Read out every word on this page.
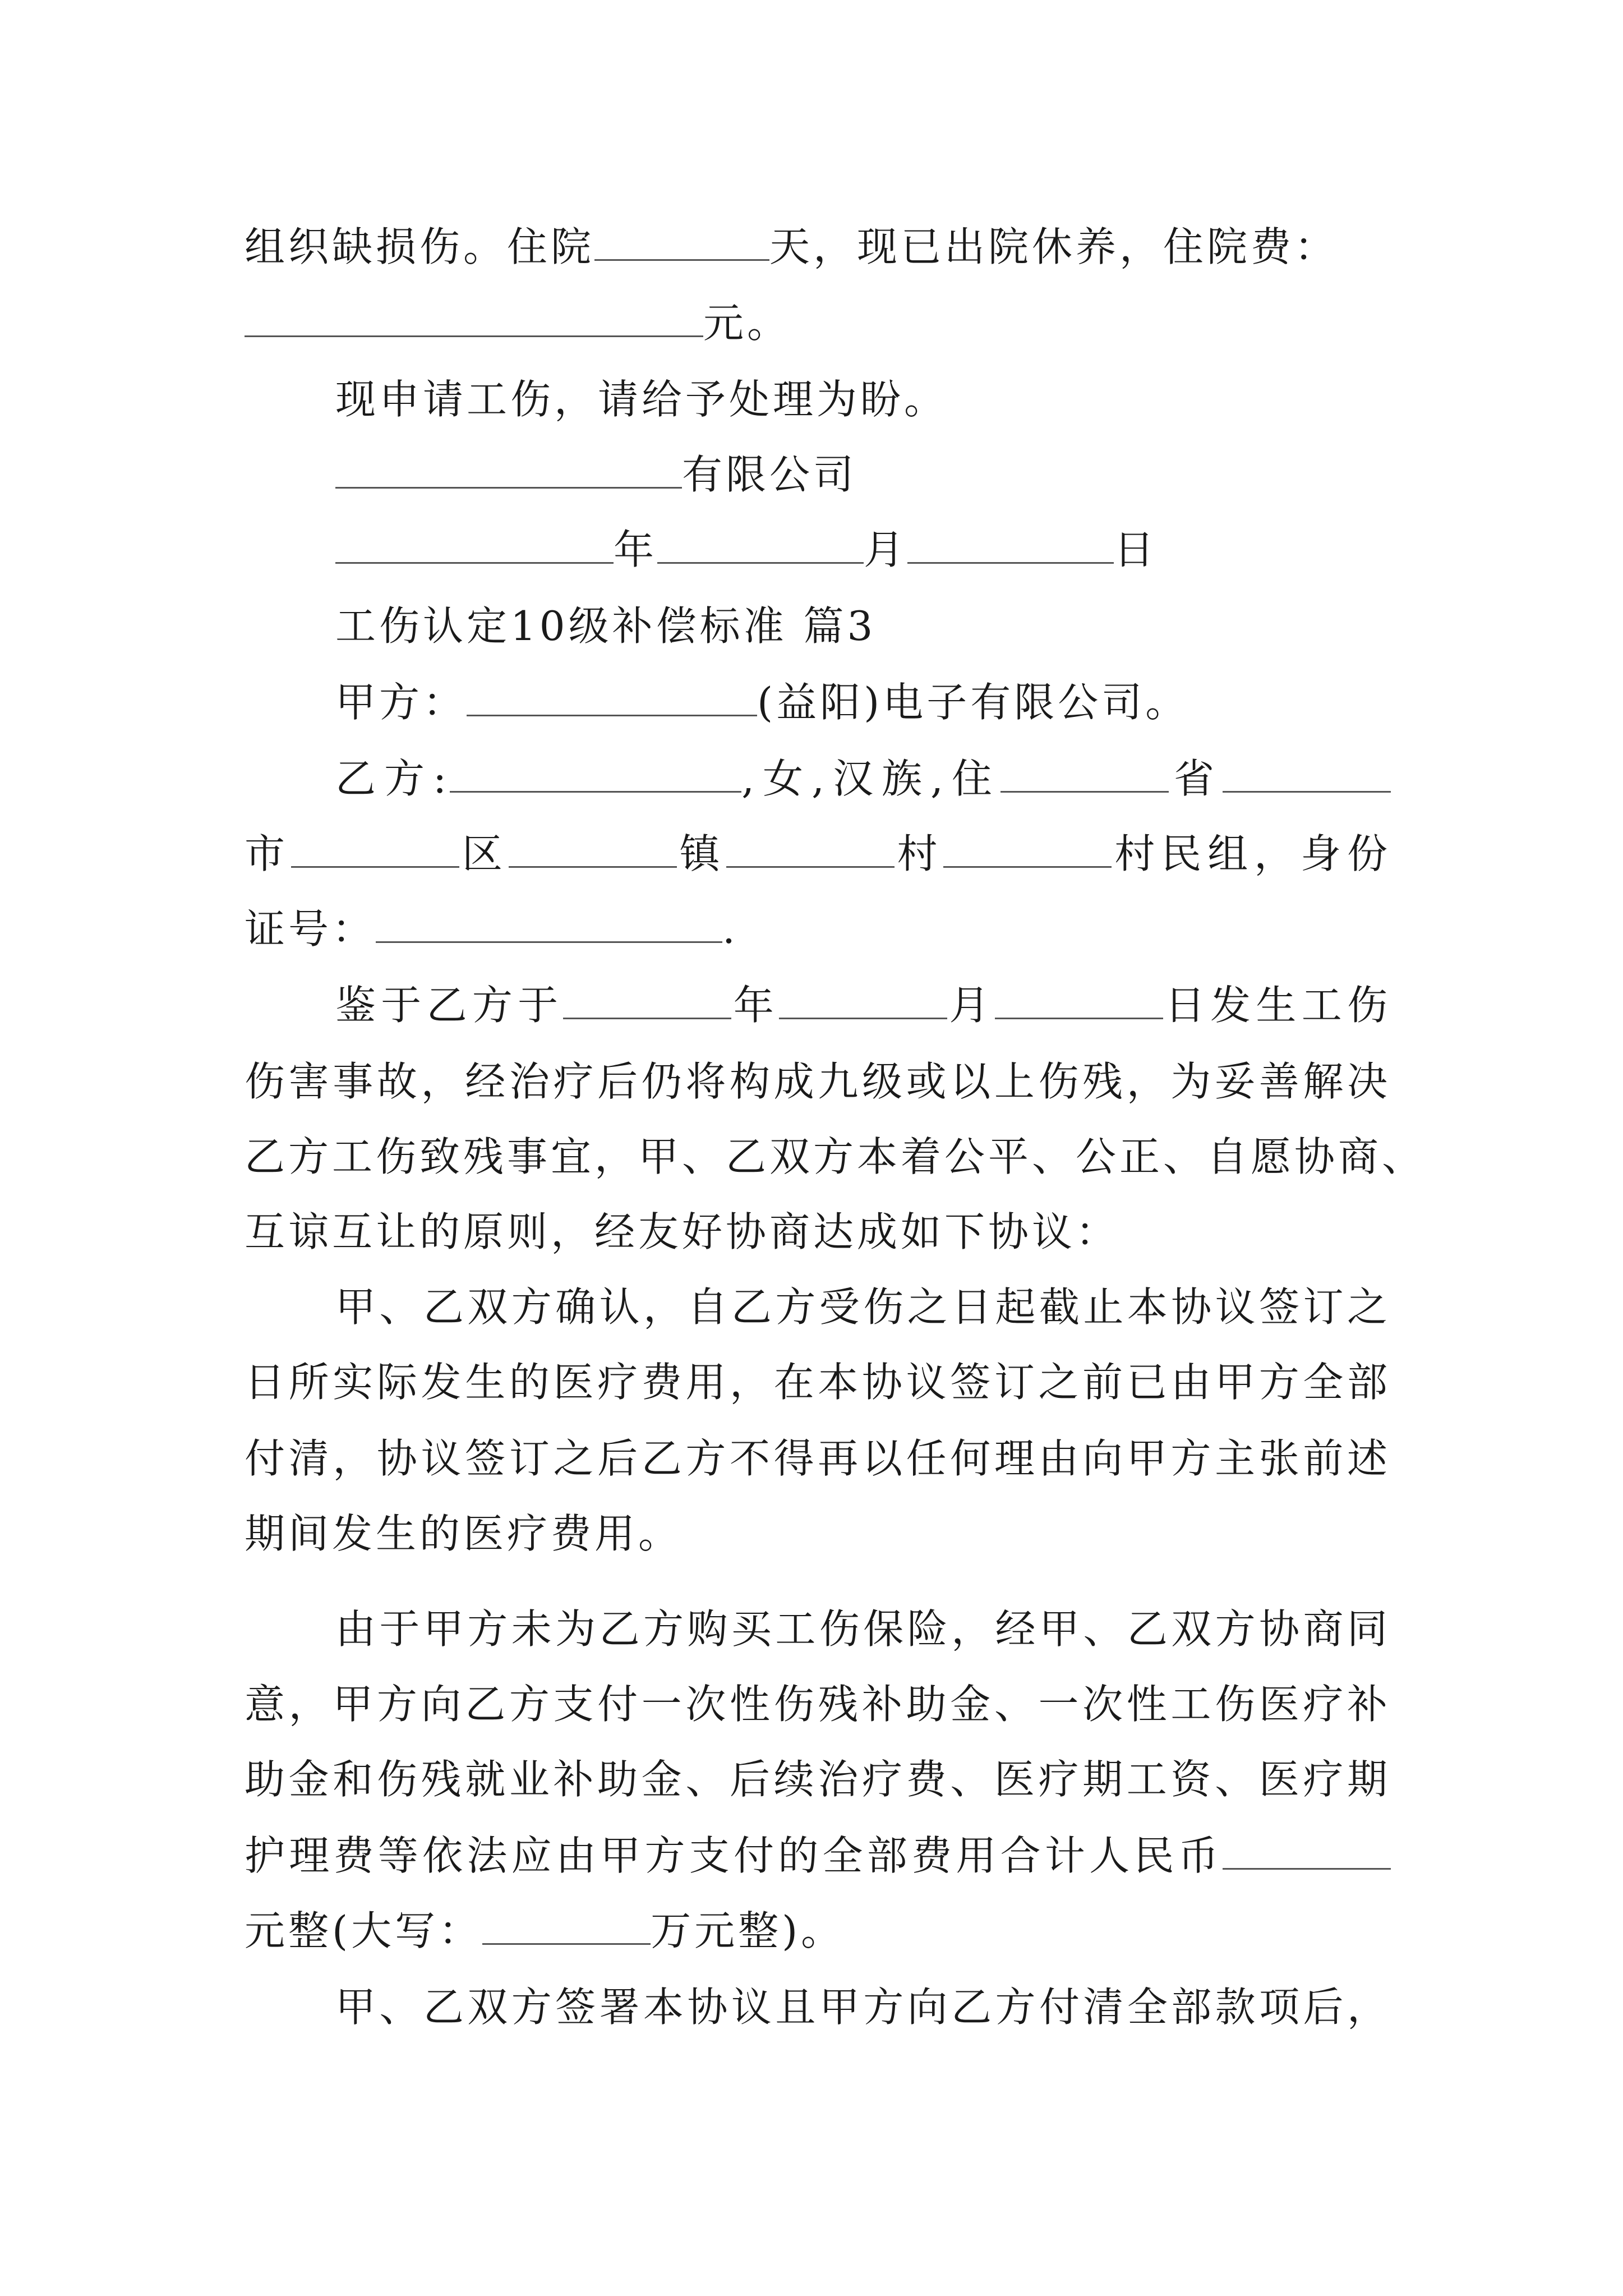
组织缺损伤。住院	天，现已出院休养，住院费：
元。
现申请工伤，请给予处理为盼。
有限公司
年	月	日
工伤认定10级补偿标准 篇3
甲方：	(益阳)电子有限公司。
乙方:	,女,汉族,住	省
市	区	镇	村	村民组，身份
证号：	.
鉴于乙方于	年	月	日发生工伤
伤害事故，经治疗后仍将构成九级或以上伤残，为妥善解决
乙方工伤致残事宜，甲、乙双方本着公平、公正、自愿协商、
互谅互让的原则，经友好协商达成如下协议：
甲、乙双方确认，自乙方受伤之日起截止本协议签订之
日所实际发生的医疗费用，在本协议签订之前已由甲方全部
付清，协议签订之后乙方不得再以任何理由向甲方主张前述
期间发生的医疗费用。
由于甲方未为乙方购买工伤保险，经甲、乙双方协商同
意，甲方向乙方支付一次性伤残补助金、一次性工伤医疗补
助金和伤残就业补助金、后续治疗费、医疗期工资、医疗期
护理费等依法应由甲方支付的全部费用合计人民币
元整(大写：	万元整)。
甲、乙双方签署本协议且甲方向乙方付清全部款项后，
